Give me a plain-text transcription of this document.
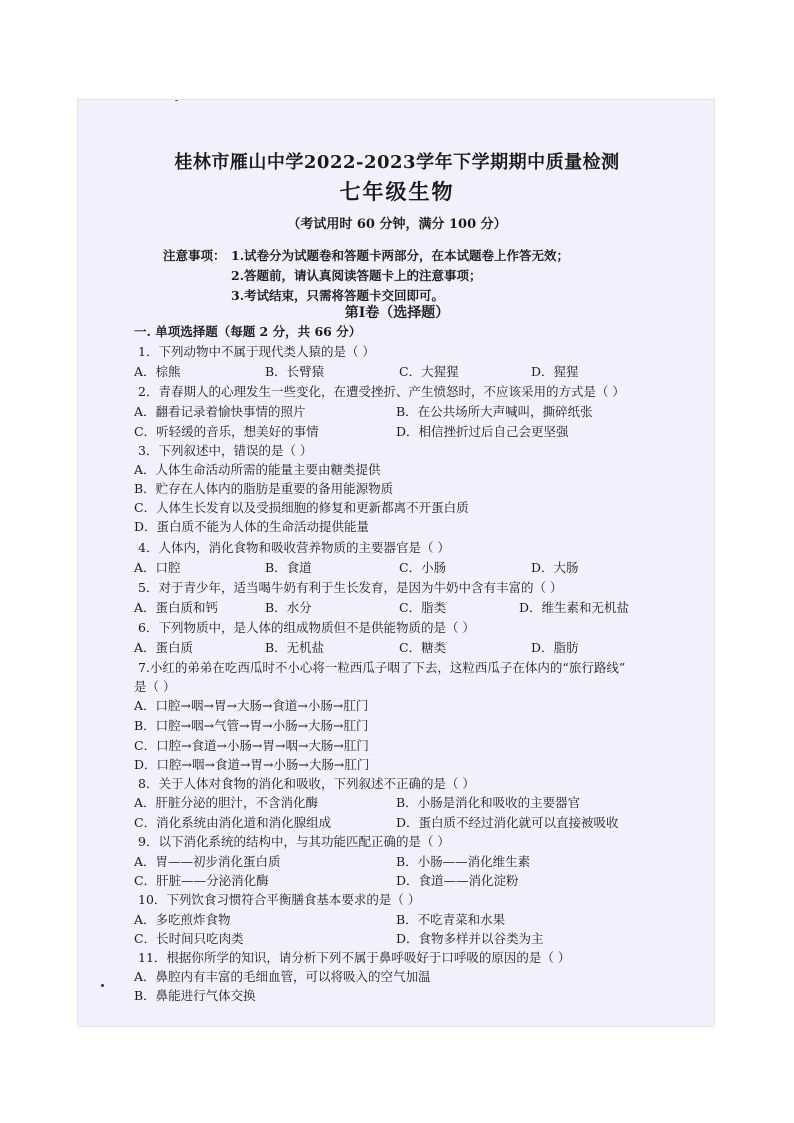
桂林市雁山中学2022-2023学年下学期期中质量检测
七年级生物
（考试用时 60 分钟，满分 100 分）
注意事项： 1.试卷分为试题卷和答题卡两部分，在本试题卷上作答无效；
2.答题前，请认真阅读答题卡上的注意事项；
3.考试结束，只需将答题卡交回即可。
第Ⅰ卷（选择题）
一. 单项选择题（每题 2 分，共 66 分）
1．下列动物中不属于现代类人猿的是（ ）
A．棕熊	B．长臂猿	C．大猩猩	D．猩猩
2．青春期人的心理发生一些变化，在遭受挫折、产生愤怒时，不应该采用的方式是（ ）
A．翻看记录着愉快事情的照片	B．在公共场所大声喊叫，撕碎纸张
C．听轻缓的音乐，想美好的事情	D．相信挫折过后自己会更坚强
3．下列叙述中，错误的是（ ）
A．人体生命活动所需的能量主要由糖类提供
B．贮存在人体内的脂肪是重要的备用能源物质
C．人体生长发育以及受损细胞的修复和更新都离不开蛋白质
D．蛋白质不能为人体的生命活动提供能量
4．人体内，消化食物和吸收营养物质的主要器官是（ ）
A．口腔	B．食道	C．小肠	D．大肠
5．对于青少年，适当喝牛奶有利于生长发育，是因为牛奶中含有丰富的（ ）
A．蛋白质和钙	B．水分	C．脂类	D．维生素和无机盐
6．下列物质中，是人体的组成物质但不是供能物质的是（ ）
A．蛋白质	B．无机盐	C．糖类	D．脂肪
7.小红的弟弟在吃西瓜时不小心将一粒西瓜子咽了下去，这粒西瓜子在体内的“旅行路线”
是（ ）
A．口腔→咽→胃→大肠→食道→小肠→肛门
B．口腔→咽→气管→胃→小肠→大肠→肛门
C．口腔→食道→小肠→胃→咽→大肠→肛门
D．口腔→咽→食道→胃→小肠→大肠→肛门
8．关于人体对食物的消化和吸收，下列叙述不正确的是（ ）
A．肝脏分泌的胆汁，不含消化酶	B．小肠是消化和吸收的主要器官
C．消化系统由消化道和消化腺组成	D．蛋白质不经过消化就可以直接被吸收
9．以下消化系统的结构中，与其功能匹配正确的是（ ）
A．胃——初步消化蛋白质	B．小肠——消化维生素
C．肝脏——分泌消化酶	D．食道——消化淀粉
10．下列饮食习惯符合平衡膳食基本要求的是（ ）
A．多吃煎炸食物	B．不吃青菜和水果
C．长时间只吃肉类	D．食物多样并以谷类为主
11．根据你所学的知识，请分析下列不属于鼻呼吸好于口呼吸的原因的是（ ）
A．鼻腔内有丰富的毛细血管，可以将吸入的空气加温
B．鼻能进行气体交换
